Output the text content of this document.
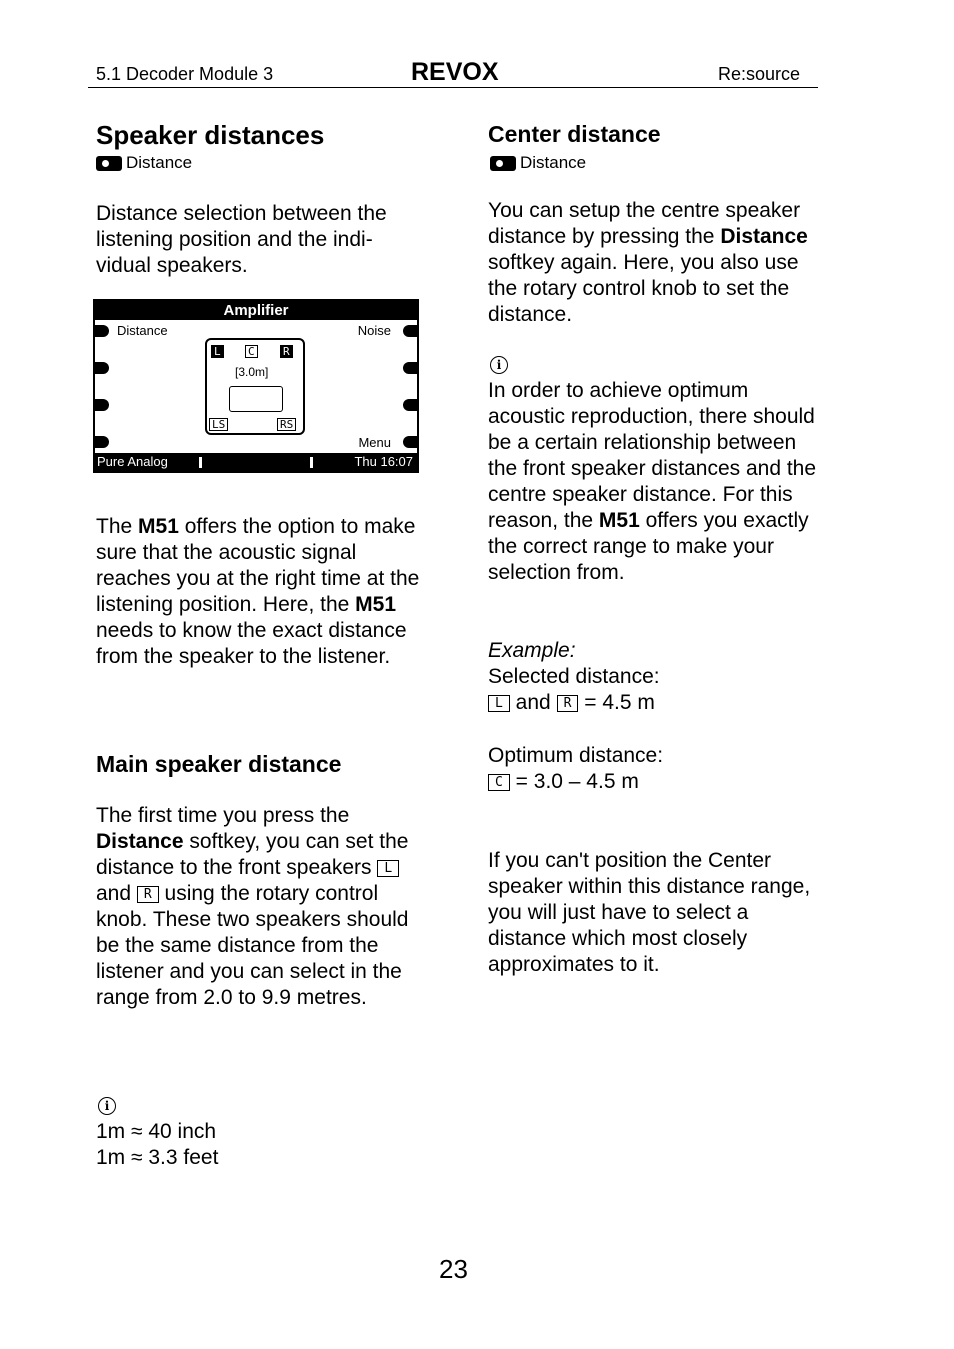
5.1 Decoder Module 3	REVOX	Re:source
Speaker distances
Distance

Distance selection between the listening position and the indi-vidual speakers.

Amplifier
Distance	Noise
Menu
L C	R
[3.0m]
LS	RS
Pure Analog	Thu 16:07

The M51 offers the option to make sure that the acoustic signal reaches you at the right time at the listening position. Here, the M51 needs to know the exact distance from the speaker to the listener.

Main speaker distance

The first time you press the Distance softkey, you can set the distance to the front speakers L and R using the rotary control knob. These two speakers should be the same distance from the listener and you can select in the range from 2.0 to 9.9 metres.

i

1m ≈ 40 inch

1m ≈ 3.3 feet

Center distance
Distance

You can setup the centre speaker distance by pressing the Distance softkey again. Here, you also use the rotary control knob to set the distance.

i

In order to achieve optimum acoustic reproduction, there should be a certain relationship between the front speaker distances and the centre speaker distance. For this reason, the M51 offers you exactly the correct range to make your selection from.

Example:

Selected distance:

L and R = 4.5 m

Optimum distance:

C = 3.0 – 4.5 m

If you can't position the Center speaker within this distance range, you will just have to select a distance which most closely approximates to it.

23
